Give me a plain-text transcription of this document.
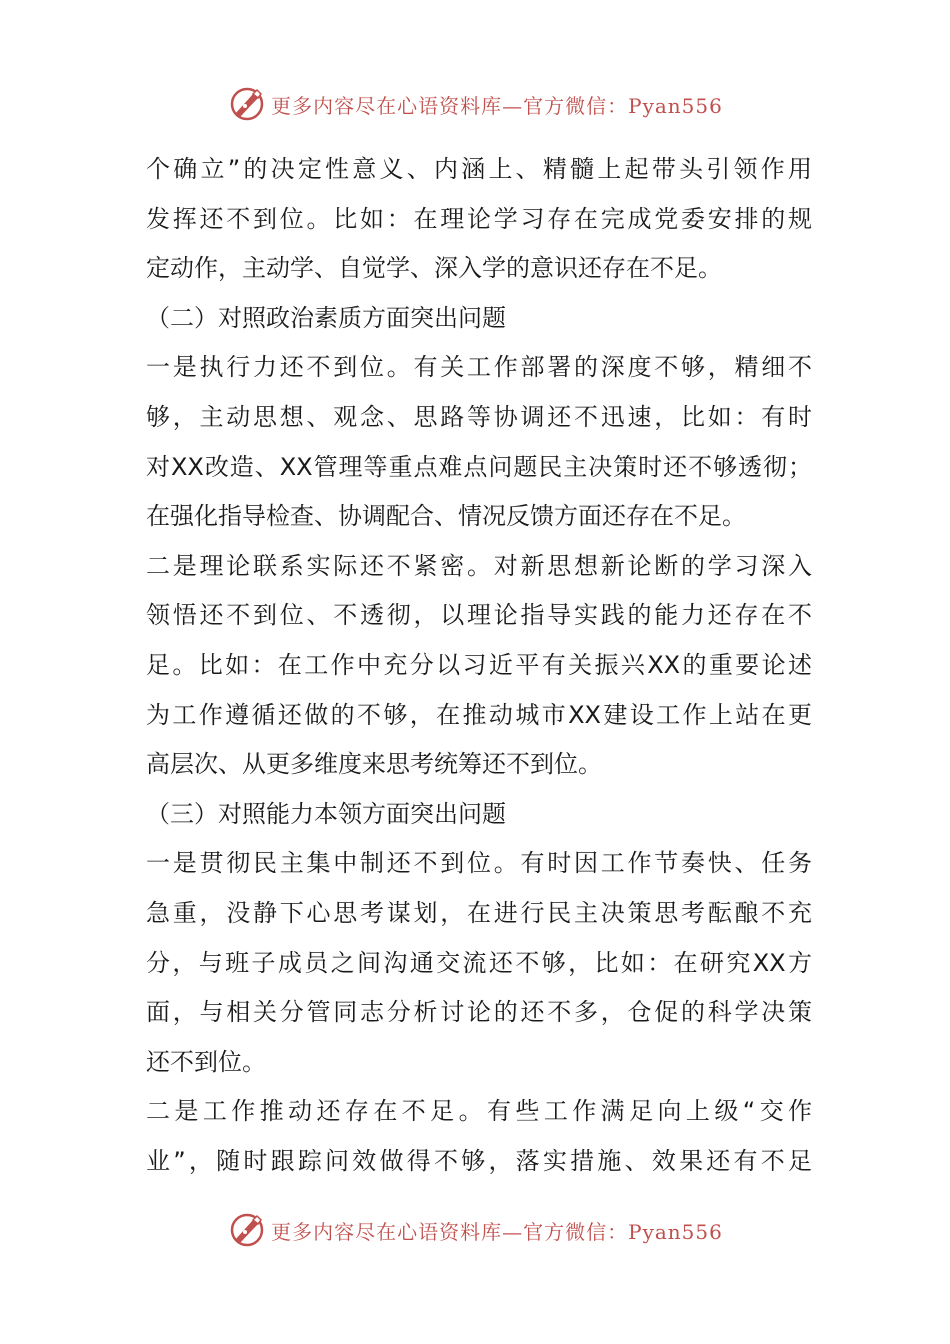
更多内容尽在心语资料库—官方微信：Pyan556
个确立”的决定性意义、内涵上、精髓上起带头引领作用
发挥还不到位。比如：在理论学习存在完成党委安排的规
定动作，主动学、自觉学、深入学的意识还存在不足。
（二）对照政治素质方面突出问题
一是执行力还不到位。有关工作部署的深度不够，精细不
够，主动思想、观念、思路等协调还不迅速，比如：有时
对XX改造、XX管理等重点难点问题民主决策时还不够透彻；
在强化指导检查、协调配合、情况反馈方面还存在不足。
二是理论联系实际还不紧密。对新思想新论断的学习深入
领悟还不到位、不透彻，以理论指导实践的能力还存在不
足。比如：在工作中充分以习近平有关振兴XX的重要论述
为工作遵循还做的不够，在推动城市XX建设工作上站在更
高层次、从更多维度来思考统筹还不到位。
（三）对照能力本领方面突出问题
一是贯彻民主集中制还不到位。有时因工作节奏快、任务
急重，没静下心思考谋划，在进行民主决策思考酝酿不充
分，与班子成员之间沟通交流还不够，比如：在研究XX方
面，与相关分管同志分析讨论的还不多，仓促的科学决策
还不到位。
二是工作推动还存在不足。有些工作满足向上级“交作
业”，随时跟踪问效做得不够，落实措施、效果还有不足
更多内容尽在心语资料库—官方微信：Pyan556
